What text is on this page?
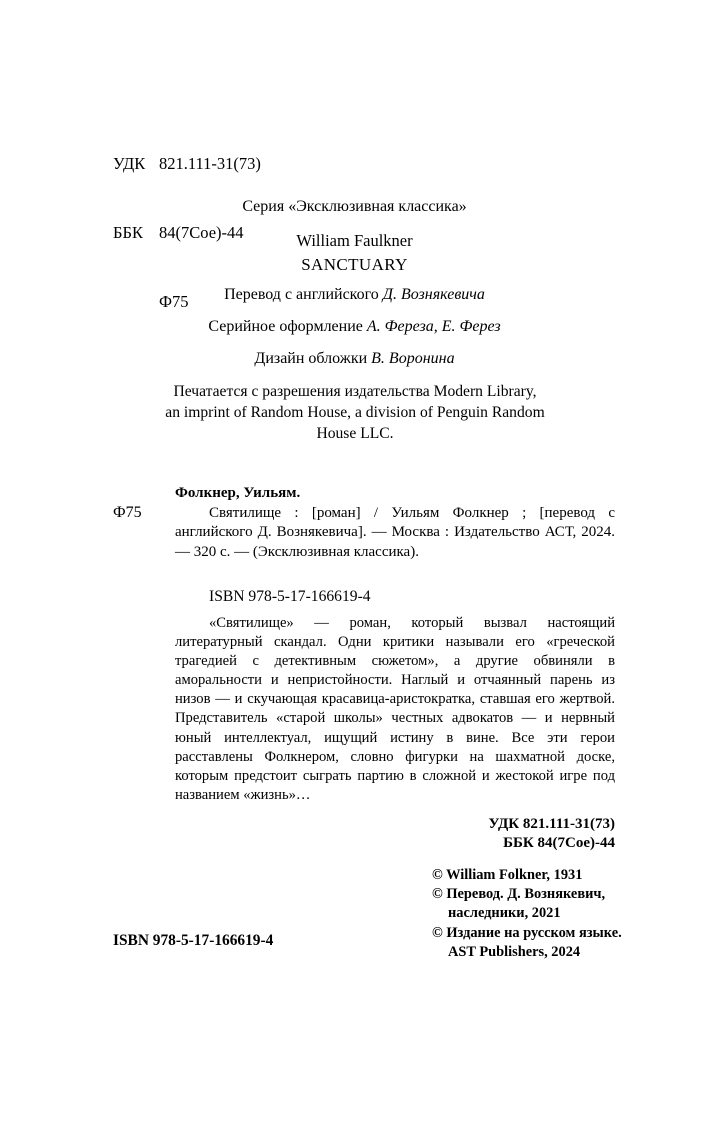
УДК 821.111-31(73)

ББК 84(7Сое)-44

Ф75

Серия «Эксклюзивная классика»
William Faulkner
SANCTUARY
Перевод с английского Д. Вознякевича
Серийное оформление А. Фереза, Е. Ферез
Дизайн обложки В. Воронина
Печатается с разрешения издательства Modern Library,
an imprint of Random House, a division of Penguin Random
House LLC.
Ф75
Фолкнер, Уильям.
Святилище : [роман] / Уильям Фолкнер ; [перевод с английского Д. Вознякевича]. — Москва : Издательство АСТ, 2024. — 320 с. — (Эксклюзивная классика).
ISBN 978-5-17-166619-4
«Святилище» — роман, который вызвал настоящий литературный скандал. Одни критики называли его «греческой трагедией с детективным сюжетом», а другие обвиняли в аморальности и непристойности. Наглый и отчаянный парень из низов — и скучающая красавица-аристократка, ставшая его жертвой. Представитель «старой школы» честных адвокатов — и нервный юный интеллектуал, ищущий истину в вине. Все эти герои расставлены Фолкнером, словно фигурки на шахматной доске, которым предстоит сыграть партию в сложной и жестокой игре под названием «жизнь»…
УДК 821.111-31(73)
ББК 84(7Сое)-44
© William Folkner, 1931
© Перевод. Д. Вознякевич,
наследники, 2021
© Издание на русском языке.
AST Publishers, 2024
ISBN 978-5-17-166619-4
